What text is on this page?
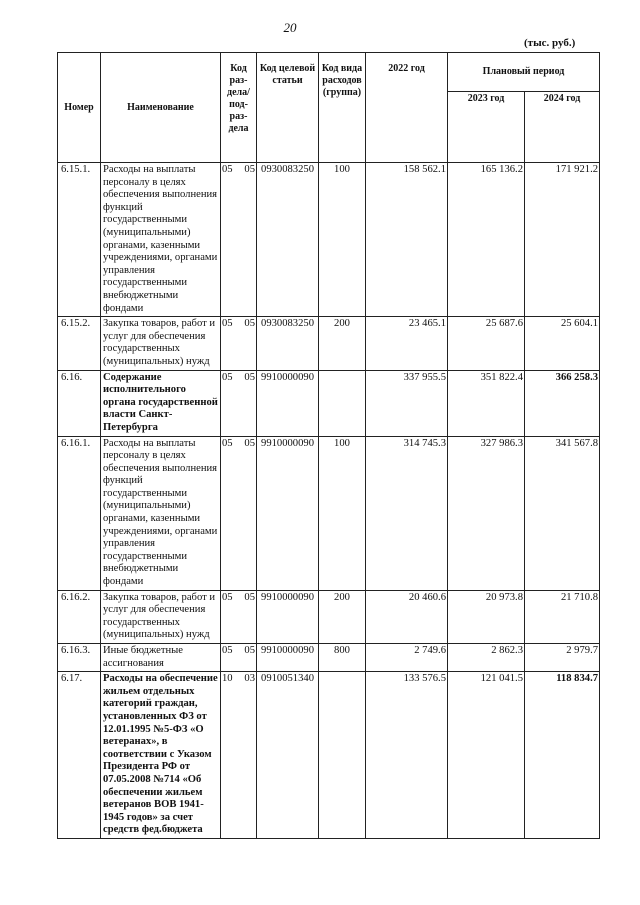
20
(тыс. руб.)
Номер	Наименование	Код раз-дела/ под-раз-дела	Код целевой статьи	Код вида расходов (группа)	2022 год	Плановый период	
						2023 год	2024 год
6.15.1.	Расходы на выплаты персоналу в целях обеспечения выполнения функций государственными (муниципальными) органами, казенными учреждениями, органами управления государственными внебюджетными фондами	05 05	0930083250	100	158 562.1	165 136.2	171 921.2
6.15.2.	Закупка товаров, работ и услуг для обеспечения государственных (муниципальных) нужд	05 05	0930083250	200	23 465.1	25 687.6	25 604.1
6.16.	Содержание исполнительного органа государственной власти Санкт-Петербурга	05 05	9910000090		337 955.5	351 822.4	366 258.3
6.16.1.	Расходы на выплаты персоналу в целях обеспечения выполнения функций государственными (муниципальными) органами, казенными учреждениями, органами управления государственными внебюджетными фондами	05 05	9910000090	100	314 745.3	327 986.3	341 567.8
6.16.2.	Закупка товаров, работ и услуг для обеспечения государственных (муниципальных) нужд	05 05	9910000090	200	20 460.6	20 973.8	21 710.8
6.16.3.	Иные бюджетные ассигнования	05 05	9910000090	800	2 749.6	2 862.3	2 979.7
6.17.	Расходы на обеспечение жильем отдельных категорий граждан, установленных ФЗ от 12.01.1995 №5-ФЗ «О ветеранах», в соответствии с Указом Президента РФ от 07.05.2008 №714 «Об обеспечении жильем ветеранов ВОВ 1941-1945 годов» за счет средств фед.бюджета	10 03	0910051340		133 576.5	121 041.5	118 834.7
